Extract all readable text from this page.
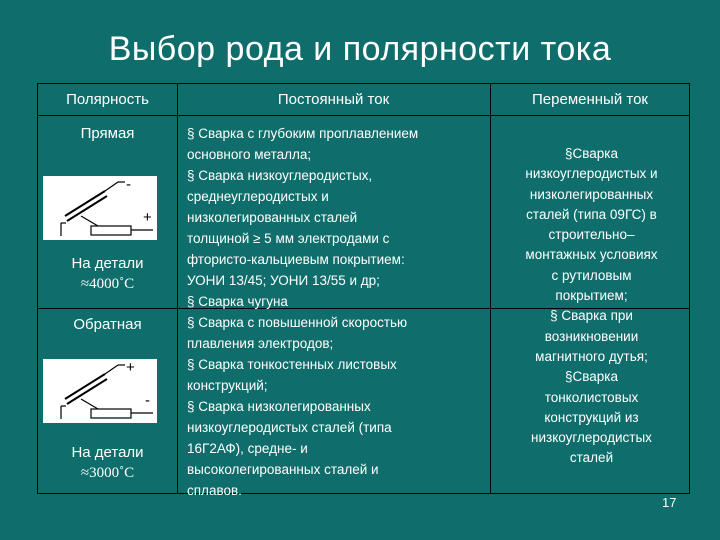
Выбор рода и полярности тока
Полярность	Постоянный ток	Переменный ток
Прямая
-
+
На детали
≈4000˚С
§ Сварка с глубоким проплавлением
основного металла;
§ Сварка низкоуглеродистых,
среднеуглеродистых и
низколегированных сталей
толщиной ≥ 5 мм электродами с
фтористо-кальциевым покрытием:
УОНИ 13/45; УОНИ 13/55 и др;
§ Сварка чугуна
Обратная
+
-
На детали
≈3000˚С
§ Сварка с повышенной скоростью
плавления электродов;
§ Сварка тонкостенных листовых
конструкций;
§ Сварка низколегированных
низкоуглеродистых сталей (типа
16Г2АФ), средне- и
высоколегированных сталей и
сплавов.
§Сварка
низкоуглеродистых и
низколегированных
сталей (типа 09ГС) в
строительно–
монтажных условиях
с рутиловым
покрытием;
§ Сварка при
возникновении
магнитного дутья;
§Сварка
тонколистовых
конструкций из
низкоуглеродистых
сталей
17
